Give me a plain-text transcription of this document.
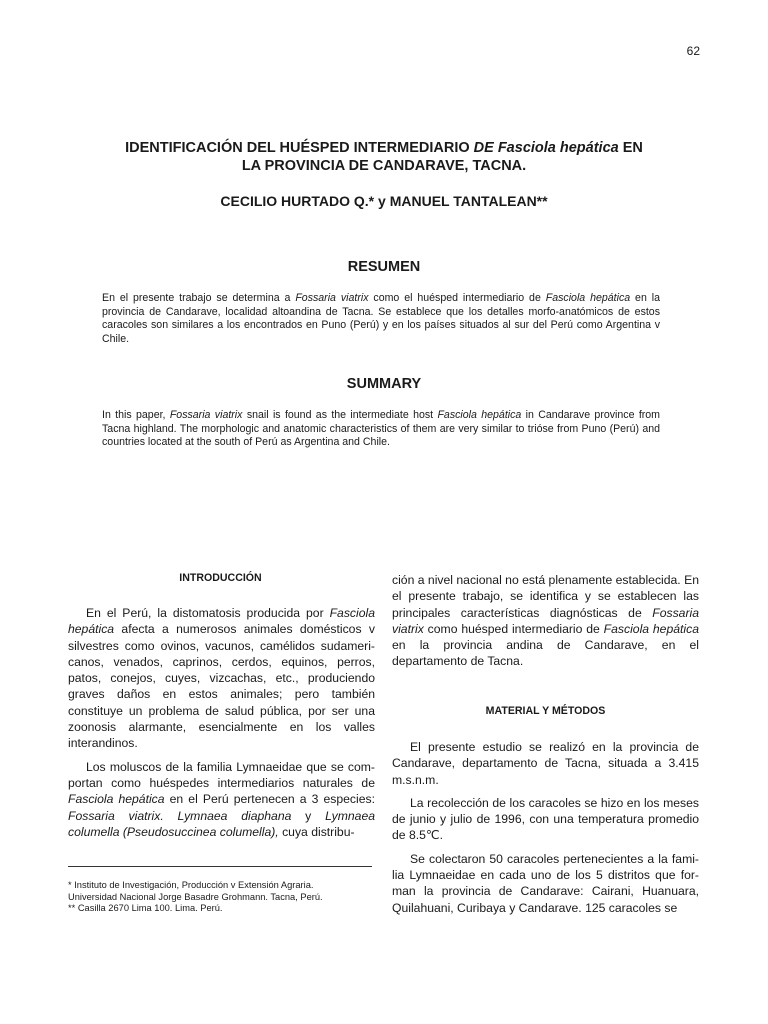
62
IDENTIFICACIÓN DEL HUÉSPED INTERMEDIARIO DE Fasciola hepática EN
LA PROVINCIA DE CANDARAVE, TACNA.
CECILIO HURTADO Q.* y MANUEL TANTALEAN**
RESUMEN
En el presente trabajo se determina a Fossaria viatrix como el huésped intermediario de Fasciola hepática en la provincia de Candarave, localidad altoandina de Tacna. Se establece que los detalles morfo-anatómicos de estos caracoles son similares a los encontrados en Puno (Perú) y en los países situados al sur del Perú como Argentina v Chile.
SUMMARY
In this paper, Fossaria viatrix snail is found as the intermediate host Fasciola hepática in Candarave province from Tacna highland. The morphologic and anatomic characteristics of them are very similar to trióse from Puno (Perú) and countries located at the south of Perú as Argentina and Chile.
INTRODUCCIÓN

En el Perú, la distomatosis producida por Fasciola hepática afecta a numerosos animales domésticos v silvestres como ovinos, vacunos, camélidos sudameri-canos, venados, caprinos, cerdos, equinos, perros, patos, conejos, cuyes, vizcachas, etc., produciendo graves daños en estos animales; pero también constituye un problema de salud pública, por ser una zoonosis alarmante, esencialmente en los valles interandinos.

Los moluscos de la familia Lymnaeidae que se com-portan como huéspedes intermediarios naturales de Fasciola hepática en el Perú pertenecen a 3 especies: Fossaria viatrix. Lymnaea diaphana y Lymnaea columella (Pseudosuccinea columella), cuya distribu-

ción a nivel nacional no está plenamente establecida. En el presente trabajo, se identifica y se establecen las principales características diagnósticas de Fossaria viatrix como huésped intermediario de Fasciola hepática en la provincia andina de Candarave, en el departamento de Tacna.

MATERIAL Y MÉTODOS

El presente estudio se realizó en la provincia de Candarave, departamento de Tacna, situada a 3.415 m.s.n.m.

La recolección de los caracoles se hizo en los meses de junio y julio de 1996, con una temperatura promedio de 8.5℃.

Se colectaron 50 caracoles pertenecientes a la fami-lia Lymnaeidae en cada uno de los 5 distritos que for-man la provincia de Candarave: Cairani, Huanuara, Quilahuani, Curibaya y Candarave. 125 caracoles se

* Instituto de Investigación, Producción v Extensión Agraria.
Universidad Nacional Jorge Basadre Grohmann. Tacna, Perú.
** Casilla 2670 Lima 100. Lima. Perú.
